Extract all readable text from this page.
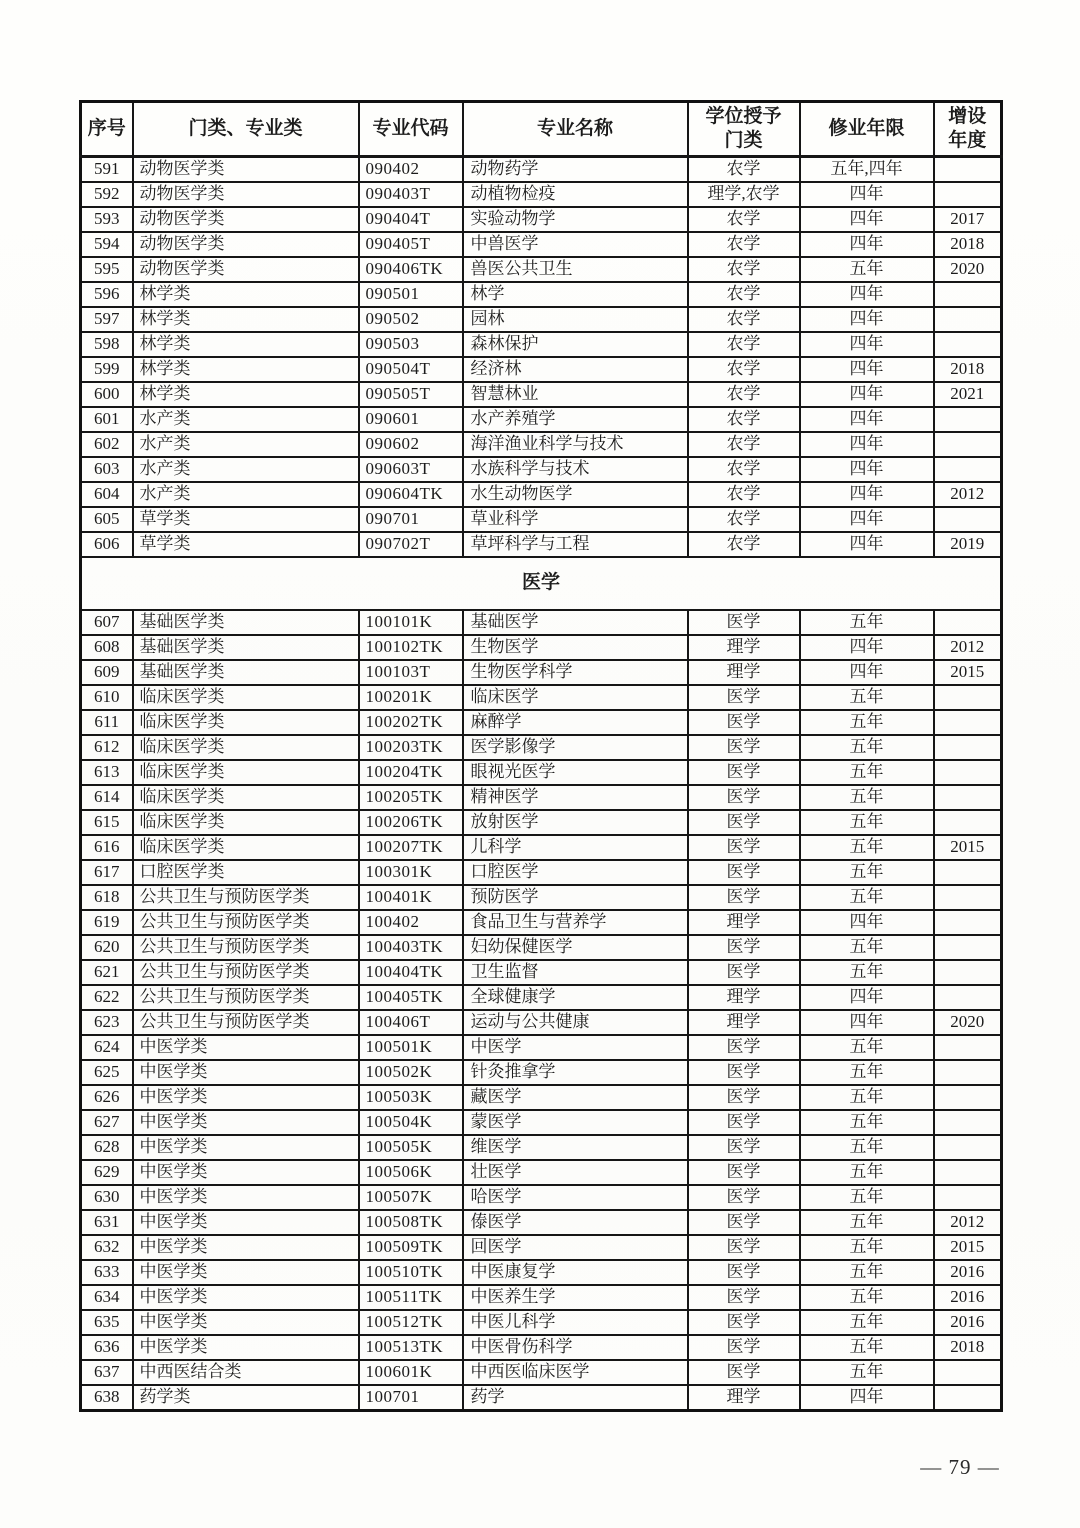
序号	门类、专业类	专业代码	专业名称	学位授予门类	修业年限	增设年度
591	动物医学类	090402	动物药学	农学	五年,四年	
592	动物医学类	090403T	动植物检疫	理学,农学	四年	
593	动物医学类	090404T	实验动物学	农学	四年	2017
594	动物医学类	090405T	中兽医学	农学	四年	2018
595	动物医学类	090406TK	兽医公共卫生	农学	五年	2020
596	林学类	090501	林学	农学	四年	
597	林学类	090502	园林	农学	四年	
598	林学类	090503	森林保护	农学	四年	
599	林学类	090504T	经济林	农学	四年	2018
600	林学类	090505T	智慧林业	农学	四年	2021
601	水产类	090601	水产养殖学	农学	四年	
602	水产类	090602	海洋渔业科学与技术	农学	四年	
603	水产类	090603T	水族科学与技术	农学	四年	
604	水产类	090604TK	水生动物医学	农学	四年	2012
605	草学类	090701	草业科学	农学	四年	
606	草学类	090702T	草坪科学与工程	农学	四年	2019
医学						
607	基础医学类	100101K	基础医学	医学	五年	
608	基础医学类	100102TK	生物医学	理学	四年	2012
609	基础医学类	100103T	生物医学科学	理学	四年	2015
610	临床医学类	100201K	临床医学	医学	五年	
611	临床医学类	100202TK	麻醉学	医学	五年	
612	临床医学类	100203TK	医学影像学	医学	五年	
613	临床医学类	100204TK	眼视光医学	医学	五年	
614	临床医学类	100205TK	精神医学	医学	五年	
615	临床医学类	100206TK	放射医学	医学	五年	
616	临床医学类	100207TK	儿科学	医学	五年	2015
617	口腔医学类	100301K	口腔医学	医学	五年	
618	公共卫生与预防医学类	100401K	预防医学	医学	五年	
619	公共卫生与预防医学类	100402	食品卫生与营养学	理学	四年	
620	公共卫生与预防医学类	100403TK	妇幼保健医学	医学	五年	
621	公共卫生与预防医学类	100404TK	卫生监督	医学	五年	
622	公共卫生与预防医学类	100405TK	全球健康学	理学	四年	
623	公共卫生与预防医学类	100406T	运动与公共健康	理学	四年	2020
624	中医学类	100501K	中医学	医学	五年	
625	中医学类	100502K	针灸推拿学	医学	五年	
626	中医学类	100503K	藏医学	医学	五年	
627	中医学类	100504K	蒙医学	医学	五年	
628	中医学类	100505K	维医学	医学	五年	
629	中医学类	100506K	壮医学	医学	五年	
630	中医学类	100507K	哈医学	医学	五年	
631	中医学类	100508TK	傣医学	医学	五年	2012
632	中医学类	100509TK	回医学	医学	五年	2015
633	中医学类	100510TK	中医康复学	医学	五年	2016
634	中医学类	100511TK	中医养生学	医学	五年	2016
635	中医学类	100512TK	中医儿科学	医学	五年	2016
636	中医学类	100513TK	中医骨伤科学	医学	五年	2018
637	中西医结合类	100601K	中西医临床医学	医学	五年	
638	药学类	100701	药学	理学	四年	
— 79 —
